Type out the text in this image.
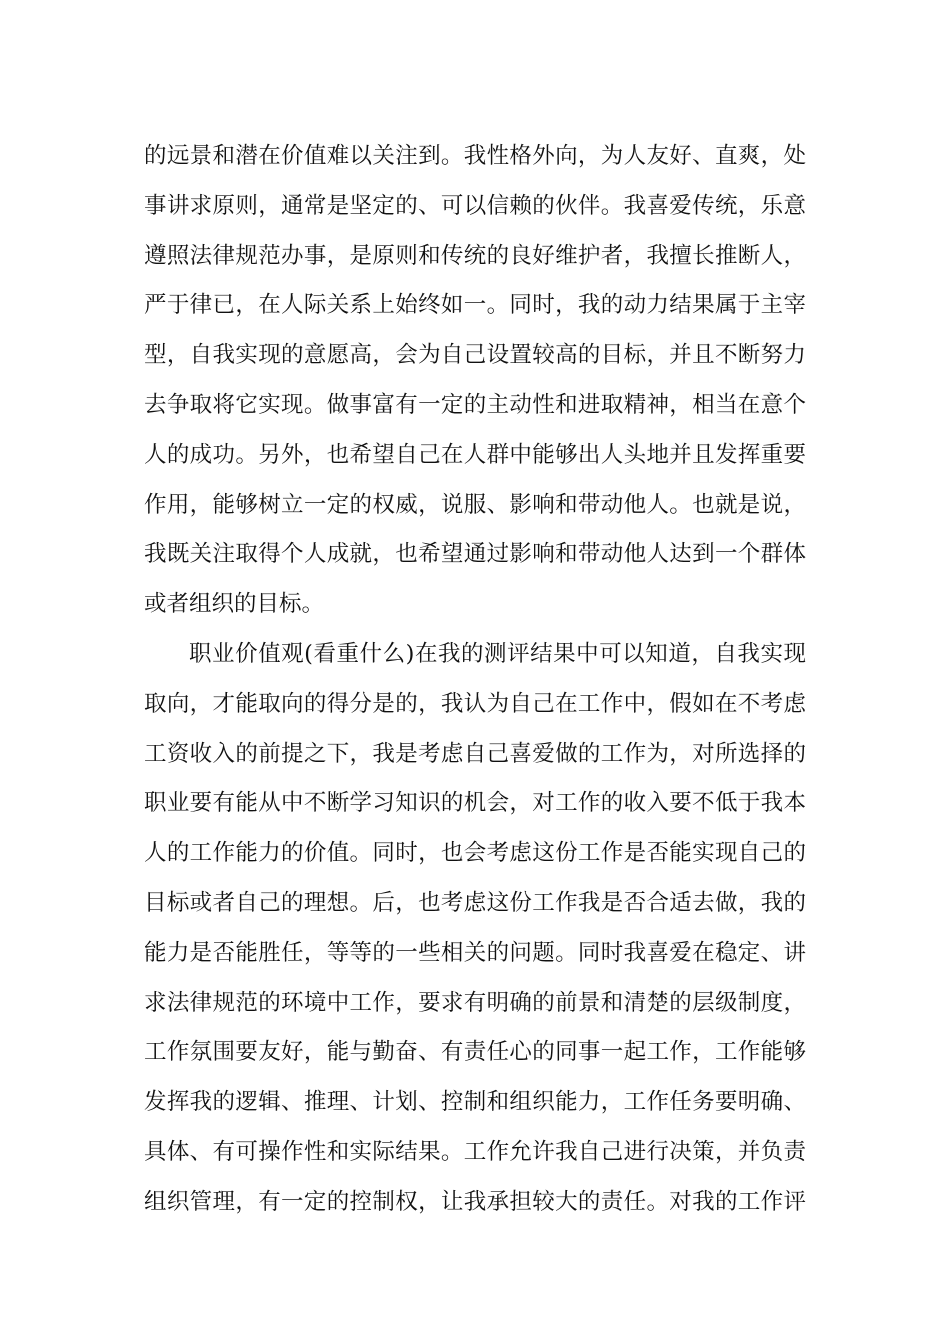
的远景和潜在价值难以关注到。我性格外向，为人友好、直爽，处
事讲求原则，通常是坚定的、可以信赖的伙伴。我喜爱传统，乐意
遵照法律规范办事，是原则和传统的良好维护者，我擅长推断人，
严于律已，在人际关系上始终如一。同时，我的动力结果属于主宰
型，自我实现的意愿高，会为自己设置较高的目标，并且不断努力
去争取将它实现。做事富有一定的主动性和进取精神，相当在意个
人的成功。另外，也希望自己在人群中能够出人头地并且发挥重要
作用，能够树立一定的权威，说服、影响和带动他人。也就是说，
我既关注取得个人成就，也希望通过影响和带动他人达到一个群体
或者组织的目标。
职业价值观(看重什么)在我的测评结果中可以知道，自我实现
取向，才能取向的得分是的，我认为自己在工作中，假如在不考虑
工资收入的前提之下，我是考虑自己喜爱做的工作为，对所选择的
职业要有能从中不断学习知识的机会，对工作的收入要不低于我本
人的工作能力的价值。同时，也会考虑这份工作是否能实现自己的
目标或者自己的理想。后，也考虑这份工作我是否合适去做，我的
能力是否能胜任，等等的一些相关的问题。同时我喜爱在稳定、讲
求法律规范的环境中工作，要求有明确的前景和清楚的层级制度，
工作氛围要友好，能与勤奋、有责任心的同事一起工作，工作能够
发挥我的逻辑、推理、计划、控制和组织能力，工作任务要明确、
具体、有可操作性和实际结果。工作允许我自己进行决策，并负责
组织管理，有一定的控制权，让我承担较大的责任。对我的工作评
